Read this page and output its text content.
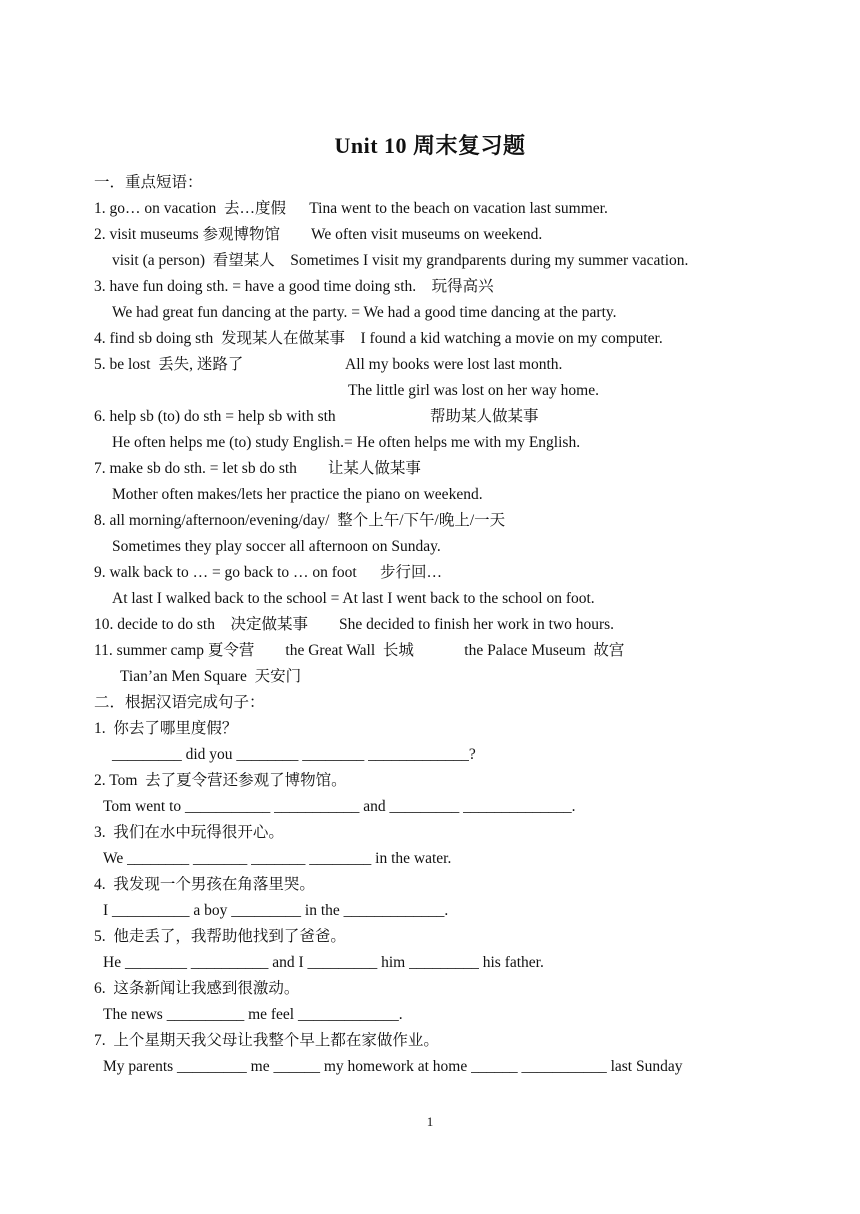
Unit 10 周末复习题
一．重点短语：
1. go… on vacation  去…度假      Tina went to the beach on vacation last summer.
2. visit museums 参观博物馆        We often visit museums on weekend.
visit (a person)  看望某人    Sometimes I visit my grandparents during my summer vacation.
3. have fun doing sth. = have a good time doing sth.    玩得高兴
We had great fun dancing at the party. = We had a good time dancing at the party.
4. find sb doing sth  发现某人在做某事    I found a kid watching a movie on my computer.
5. be lost  丢失, 迷路了	All my books were lost last month.
The little girl was lost on her way home.
6. help sb (to) do sth = help sb with sth	帮助某人做某事
He often helps me (to) study English.= He often helps me with my English.
7. make sb do sth. = let sb do sth        让某人做某事
Mother often makes/lets her practice the piano on weekend.
8. all morning/afternoon/evening/day/  整个上午/下午/晚上/一天
Sometimes they play soccer all afternoon on Sunday.
9. walk back to … = go back to … on foot      步行回…
At last I walked back to the school = At last I went back to the school on foot.
10. decide to do sth    决定做某事        She decided to finish her work in two hours.
11. summer camp 夏令营        the Great Wall  长城             the Palace Museum  故宫
Tian’an Men Square  天安门
二．根据汉语完成句子：
1.  你去了哪里度假？
_________ did you ________ ________ _____________?
2. Tom  去了夏令营还参观了博物馆。
Tom went to ___________ ___________ and _________ ______________.
3.  我们在水中玩得很开心。
We ________ _______ _______ ________ in the water.
4.  我发现一个男孩在角落里哭。
I __________ a boy _________ in the _____________.
5.  他走丢了，我帮助他找到了爸爸。
He ________ __________ and I _________ him _________ his father.
6.  这条新闻让我感到很激动。
The news __________ me feel _____________.
7.  上个星期天我父母让我整个早上都在家做作业。
My parents _________ me ______ my homework at home ______ ___________ last Sunday
1
